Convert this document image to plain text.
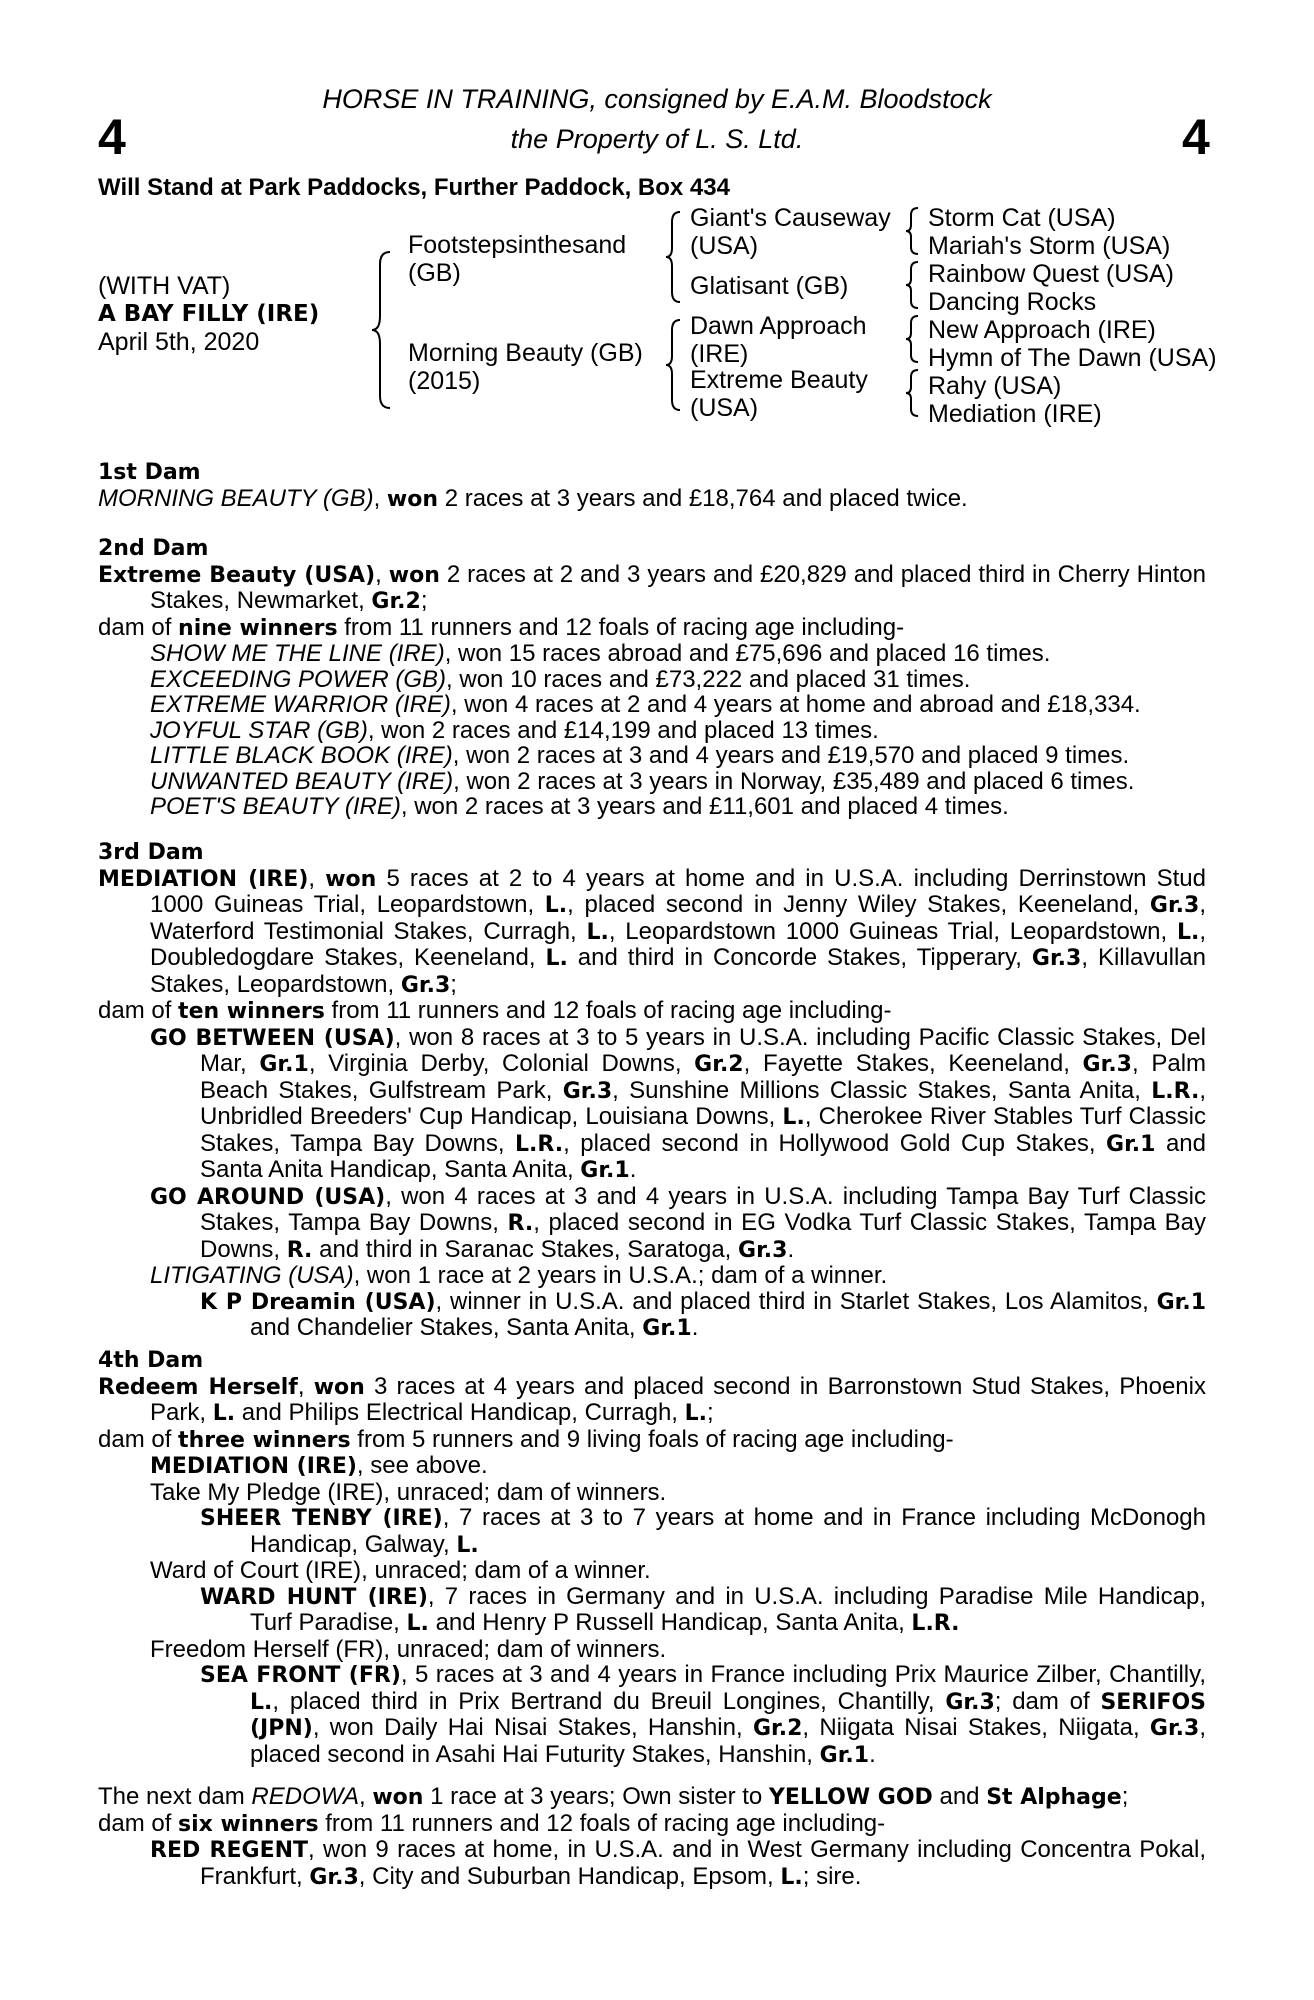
4	4
HORSE IN TRAINING, consigned by E.A.M. Bloodstock
the Property of L. S. Ltd.
Will Stand at Park Paddocks, Further Paddock, Box 434
(WITH VAT)
A BAY FILLY (IRE)
April 5th, 2020
Footstepsinthesand
(GB)
Morning Beauty (GB)
(2015)
Giant's Causeway
(USA)
Glatisant (GB)
Dawn Approach
(IRE)
Extreme Beauty
(USA)
Storm Cat (USA)
Mariah's Storm (USA)
Rainbow Quest (USA)
Dancing Rocks
New Approach (IRE)
Hymn of The Dawn (USA)
Rahy (USA)
Mediation (IRE)
1st Dam
MORNING BEAUTY (GB), won 2 races at 3 years and £18,764 and placed twice.
2nd Dam
Extreme Beauty (USA), won 2 races at 2 and 3 years and £20,829 and placed third in Cherry Hinton Stakes, Newmarket, Gr.2;
dam of nine winners from 11 runners and 12 foals of racing age including-
SHOW ME THE LINE (IRE), won 15 races abroad and £75,696 and placed 16 times.
EXCEEDING POWER (GB), won 10 races and £73,222 and placed 31 times.
EXTREME WARRIOR (IRE), won 4 races at 2 and 4 years at home and abroad and £18,334.
JOYFUL STAR (GB), won 2 races and £14,199 and placed 13 times.
LITTLE BLACK BOOK (IRE), won 2 races at 3 and 4 years and £19,570 and placed 9 times.
UNWANTED BEAUTY (IRE), won 2 races at 3 years in Norway, £35,489 and placed 6 times.
POET'S BEAUTY (IRE), won 2 races at 3 years and £11,601 and placed 4 times.
3rd Dam
MEDIATION (IRE), won 5 races at 2 to 4 years at home and in U.S.A. including Derrinstown Stud 1000 Guineas Trial, Leopardstown, L., placed second in Jenny Wiley Stakes, Keeneland, Gr.3, Waterford Testimonial Stakes, Curragh, L., Leopardstown 1000 Guineas Trial, Leopardstown, L., Doubledogdare Stakes, Keeneland, L. and third in Concorde Stakes, Tipperary, Gr.3, Killavullan Stakes, Leopardstown, Gr.3;
dam of ten winners from 11 runners and 12 foals of racing age including-
GO BETWEEN (USA), won 8 races at 3 to 5 years in U.S.A. including Pacific Classic Stakes, Del Mar, Gr.1, Virginia Derby, Colonial Downs, Gr.2, Fayette Stakes, Keeneland, Gr.3, Palm Beach Stakes, Gulfstream Park, Gr.3, Sunshine Millions Classic Stakes, Santa Anita, L.R., Unbridled Breeders' Cup Handicap, Louisiana Downs, L., Cherokee River Stables Turf Classic Stakes, Tampa Bay Downs, L.R., placed second in Hollywood Gold Cup Stakes, Gr.1 and Santa Anita Handicap, Santa Anita, Gr.1.
GO AROUND (USA), won 4 races at 3 and 4 years in U.S.A. including Tampa Bay Turf Classic Stakes, Tampa Bay Downs, R., placed second in EG Vodka Turf Classic Stakes, Tampa Bay Downs, R. and third in Saranac Stakes, Saratoga, Gr.3.
LITIGATING (USA), won 1 race at 2 years in U.S.A.; dam of a winner.
K P Dreamin (USA), winner in U.S.A. and placed third in Starlet Stakes, Los Alamitos, Gr.1 and Chandelier Stakes, Santa Anita, Gr.1.
4th Dam
Redeem Herself, won 3 races at 4 years and placed second in Barronstown Stud Stakes, Phoenix Park, L. and Philips Electrical Handicap, Curragh, L.;
dam of three winners from 5 runners and 9 living foals of racing age including-
MEDIATION (IRE), see above.
Take My Pledge (IRE), unraced; dam of winners.
SHEER TENBY (IRE), 7 races at 3 to 7 years at home and in France including McDonogh Handicap, Galway, L.
Ward of Court (IRE), unraced; dam of a winner.
WARD HUNT (IRE), 7 races in Germany and in U.S.A. including Paradise Mile Handicap, Turf Paradise, L. and Henry P Russell Handicap, Santa Anita, L.R.
Freedom Herself (FR), unraced; dam of winners.
SEA FRONT (FR), 5 races at 3 and 4 years in France including Prix Maurice Zilber, Chantilly, L., placed third in Prix Bertrand du Breuil Longines, Chantilly, Gr.3; dam of SERIFOS (JPN), won Daily Hai Nisai Stakes, Hanshin, Gr.2, Niigata Nisai Stakes, Niigata, Gr.3, placed second in Asahi Hai Futurity Stakes, Hanshin, Gr.1.
The next dam REDOWA, won 1 race at 3 years; Own sister to YELLOW GOD and St Alphage;
dam of six winners from 11 runners and 12 foals of racing age including-
RED REGENT, won 9 races at home, in U.S.A. and in West Germany including Concentra Pokal, Frankfurt, Gr.3, City and Suburban Handicap, Epsom, L.; sire.
